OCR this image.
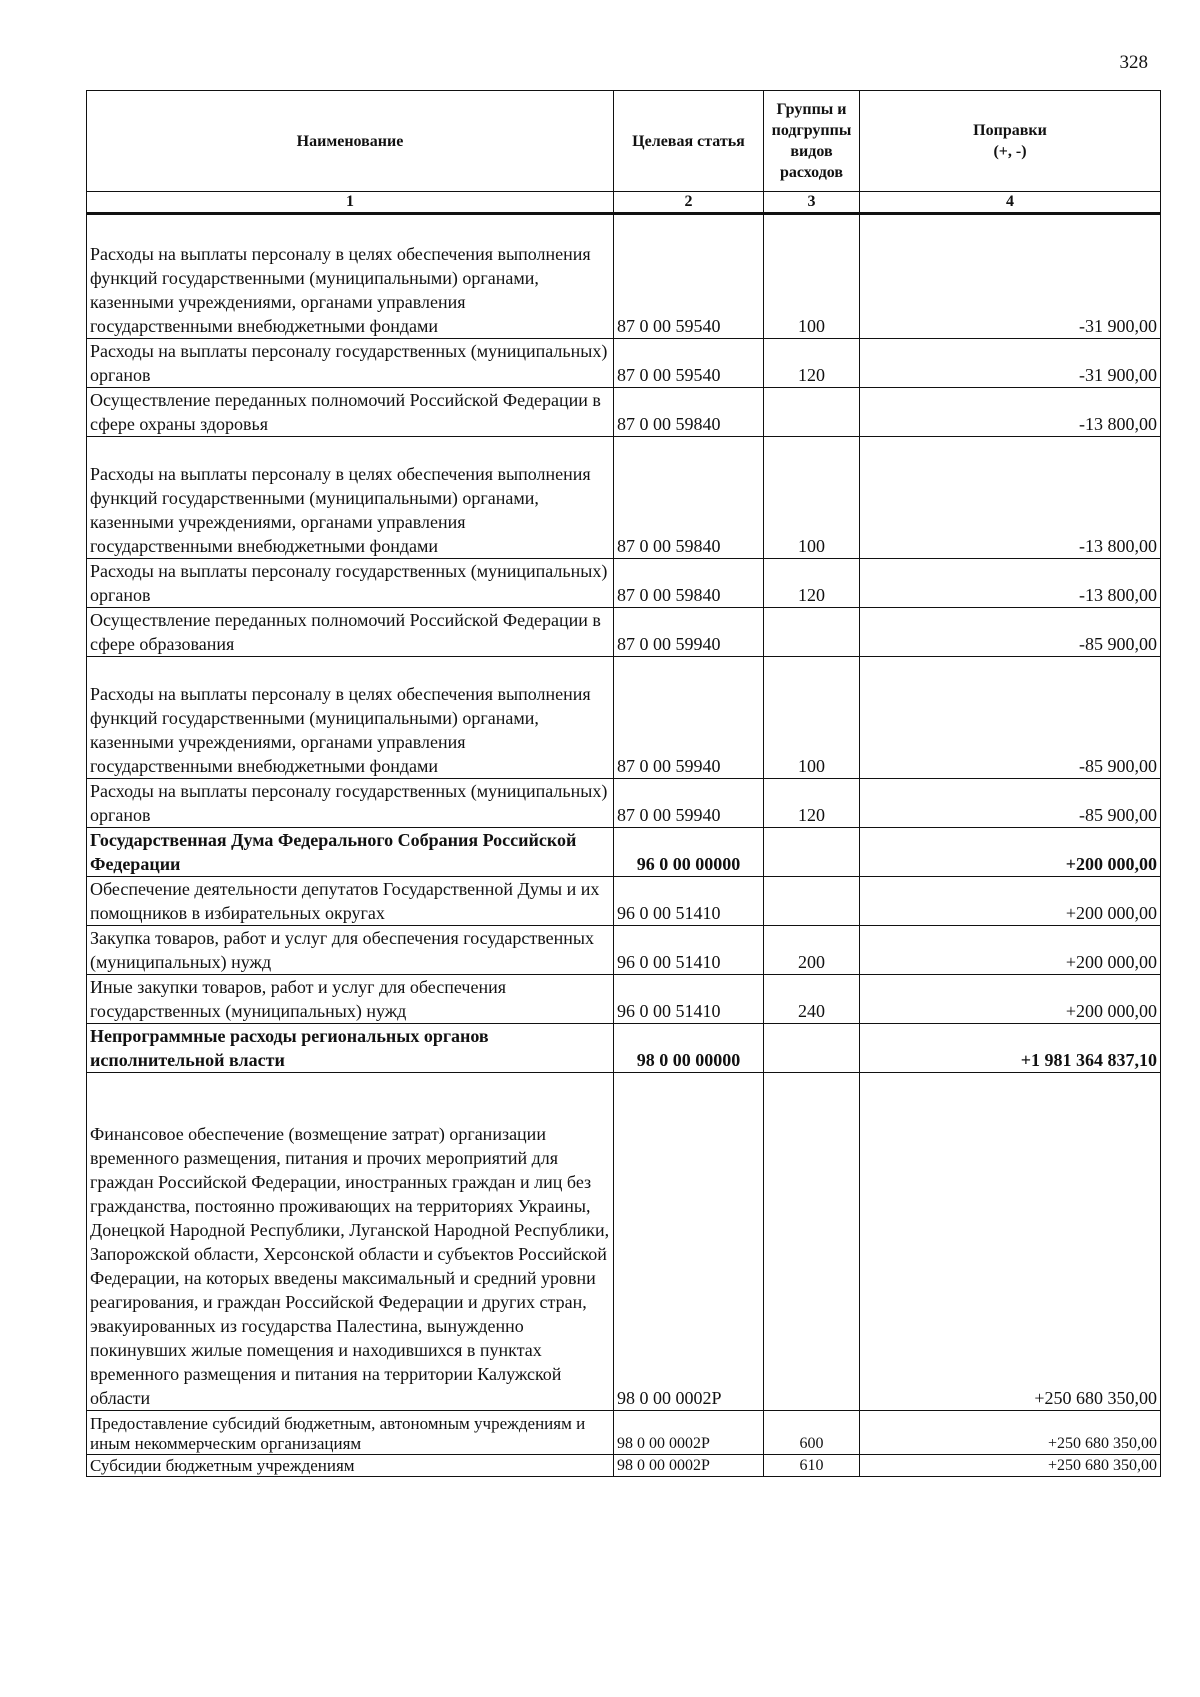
328
Наименование	Целевая статья	Группы и подгруппы видов расходов	Поправки
(+, -)
1	2	3	4
Расходы на выплаты персоналу в целях обеспечения выполнения функций государственными (муниципальными) органами, казенными учреждениями, органами управления государственными внебюджетными фондами	87 0 00 59540	100	-31 900,00
Расходы на выплаты персоналу государственных (муниципальных) органов	87 0 00 59540	120	-31 900,00
Осуществление переданных полномочий Российской Федерации в сфере охраны здоровья	87 0 00 59840		-13 800,00
Расходы на выплаты персоналу в целях обеспечения выполнения функций государственными (муниципальными) органами, казенными учреждениями, органами управления государственными внебюджетными фондами	87 0 00 59840	100	-13 800,00
Расходы на выплаты персоналу государственных (муниципальных) органов	87 0 00 59840	120	-13 800,00
Осуществление переданных полномочий Российской Федерации в сфере образования	87 0 00 59940		-85 900,00
Расходы на выплаты персоналу в целях обеспечения выполнения функций государственными (муниципальными) органами, казенными учреждениями, органами управления государственными внебюджетными фондами	87 0 00 59940	100	-85 900,00
Расходы на выплаты персоналу государственных (муниципальных) органов	87 0 00 59940	120	-85 900,00
Государственная Дума Федерального Собрания Российской Федерации	96 0 00 00000		+200 000,00
Обеспечение деятельности депутатов Государственной Думы и их помощников в избирательных округах	96 0 00 51410		+200 000,00
Закупка товаров, работ и услуг для обеспечения государственных (муниципальных) нужд	96 0 00 51410	200	+200 000,00
Иные закупки товаров, работ и услуг для обеспечения государственных (муниципальных) нужд	96 0 00 51410	240	+200 000,00
Непрограммные расходы региональных органов исполнительной власти	98 0 00 00000		+1 981 364 837,10
Финансовое обеспечение (возмещение затрат) организации временного размещения, питания и прочих мероприятий для граждан Российской Федерации, иностранных граждан и лиц без гражданства, постоянно проживающих на территориях Украины, Донецкой Народной Республики, Луганской Народной Республики, Запорожской области, Херсонской области и субъектов Российской Федерации, на которых введены максимальный и средний уровни реагирования, и граждан Российской Федерации и других стран, эвакуированных из государства Палестина, вынужденно покинувших жилые помещения и находившихся в пунктах временного размещения и питания на территории Калужской области	98 0 00 0002Р		+250 680 350,00
Предоставление субсидий бюджетным, автономным учреждениям и иным некоммерческим организациям	98 0 00 0002Р	600	+250 680 350,00
Субсидии бюджетным учреждениям	98 0 00 0002Р	610	+250 680 350,00
